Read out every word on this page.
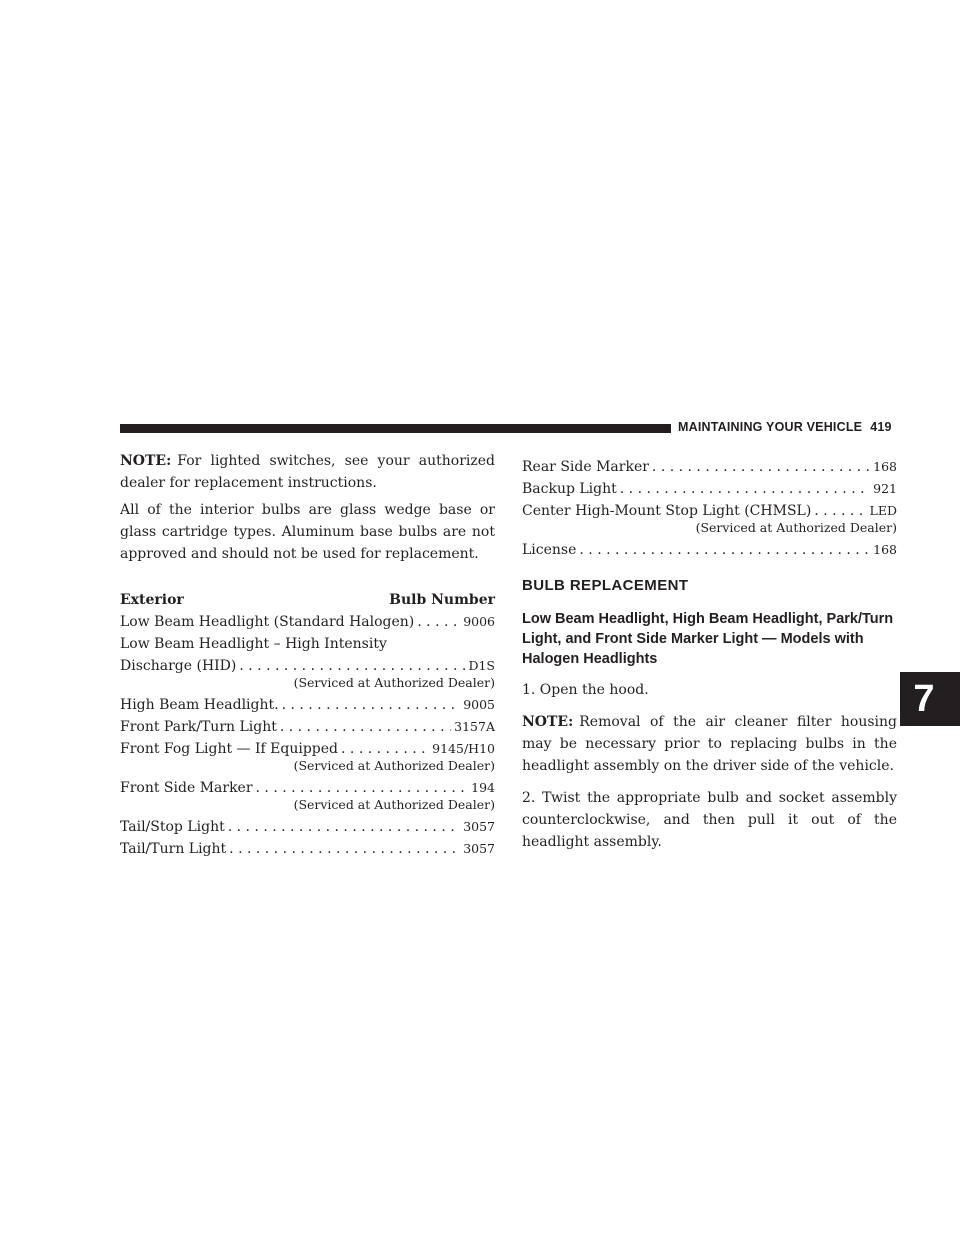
MAINTAINING YOUR VEHICLE 419
7

NOTE: For lighted switches, see your authorized dealer for replacement instructions.

All of the interior bulbs are glass wedge base or glass cartridge types. Aluminum base bulbs are not approved and should not be used for replacement.

Exterior	Bulb Number
Low Beam Headlight (Standard Halogen) . . .	9006
Low Beam Headlight – High Intensity
Discharge (HID) . . .	D1S
(Serviced at Authorized Dealer)
High Beam Headlight. . . .	9005
Front Park/Turn Light . . .	3157A
Front Fog Light — If Equipped . . .	9145/H10
(Serviced at Authorized Dealer)
Front Side Marker . . .	194
(Serviced at Authorized Dealer)
Tail/Stop Light . . .	3057
Tail/Turn Light . . .	3057
Rear Side Marker . . .	168
Backup Light . . .	921
Center High-Mount Stop Light (CHMSL) . . .	LED
(Serviced at Authorized Dealer)
License . . .	168
BULB REPLACEMENT
Low Beam Headlight, High Beam Headlight, Park/Turn Light, and Front Side Marker Light — Models with Halogen Headlights

1. Open the hood.

NOTE: Removal of the air cleaner filter housing may be necessary prior to replacing bulbs in the headlight assembly on the driver side of the vehicle.

2. Twist the appropriate bulb and socket assembly counterclockwise, and then pull it out of the headlight assembly.
